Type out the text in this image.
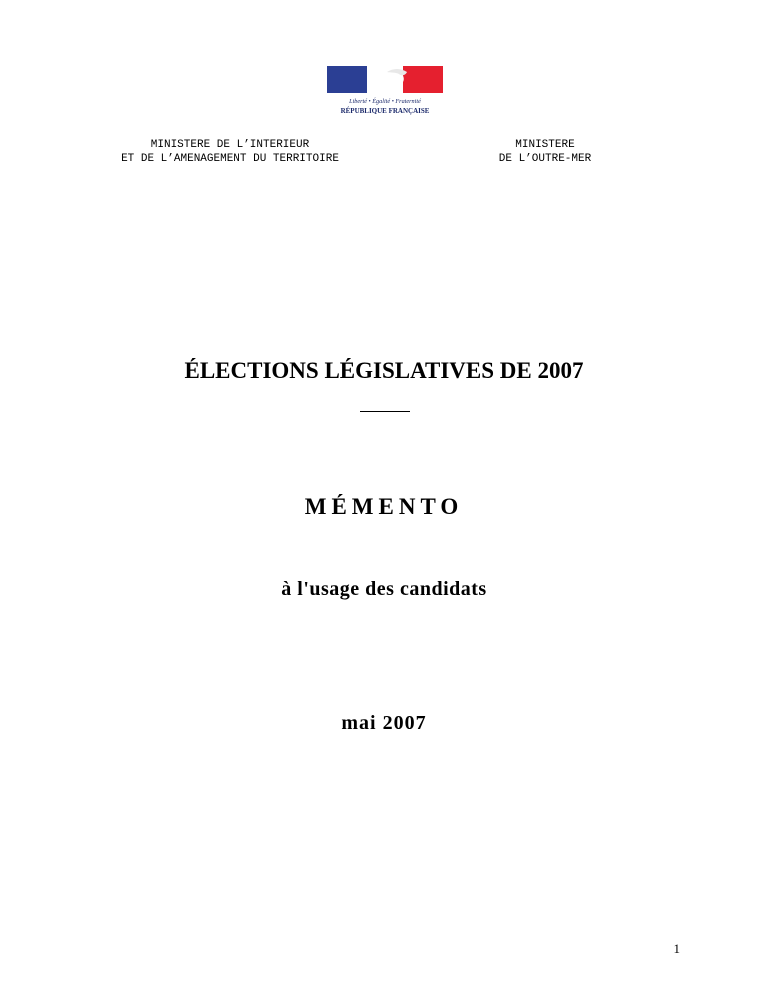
Liberté • Égalité • Fraternité
RÉPUBLIQUE FRANÇAISE
MINISTERE DE L’INTERIEUR
ET DE L’AMENAGEMENT DU TERRITOIRE
MINISTERE
DE L’OUTRE-MER
ÉLECTIONS LÉGISLATIVES DE 2007
MÉMENTO
à l'usage des candidats
mai 2007
1
